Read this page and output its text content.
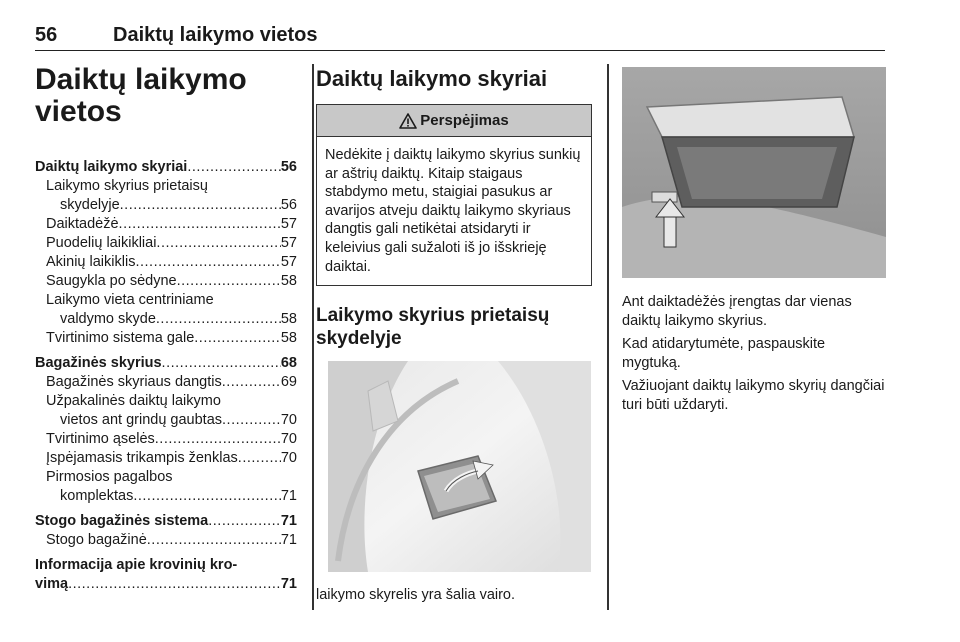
56	Daiktų laikymo vietos
Daiktų laikymo
vietos
Daiktų laikymo skyriai .....	56
Laikymo skyrius prietaisų
skydelyje .....	56
Daiktadėžė .....	57
Puodelių laikikliai .....	57
Akinių laikiklis .....	57
Saugykla po sėdyne .....	58
Laikymo vieta centriniame
valdymo skyde .....	58
Tvirtinimo sistema gale .....	58
Bagažinės skyrius .....	68
Bagažinės skyriaus dangtis .....	69
Užpakalinės daiktų laikymo
vietos ant grindų gaubtas .....	70
Tvirtinimo ąselės .....	70
Įspėjamasis trikampis ženklas .....	70
Pirmosios pagalbos
komplektas .....	71
Stogo bagažinės sistema .....	71
Stogo bagažinė .....	71
Informacija apie krovinių kro-
vimą .....	71
Daiktų laikymo skyriai
Perspėjimas
Nedėkite į daiktų laikymo skyrius sunkių ar aštrių daiktų. Kitaip staigaus stabdymo metu, staigiai pasukus ar avarijos atveju daiktų laikymo skyriaus dangtis gali netikėtai atsidaryti ir keleivius gali sužaloti iš jo išskrieję daiktai.
Laikymo skyrius prietaisų
skydelyje
laikymo skyrelis yra šalia vairo.

Ant daiktadėžės įrengtas dar vienas daiktų laikymo skyrius.

Kad atidarytumėte, paspauskite mygtuką.

Važiuojant daiktų laikymo skyrių dangčiai turi būti uždaryti.
